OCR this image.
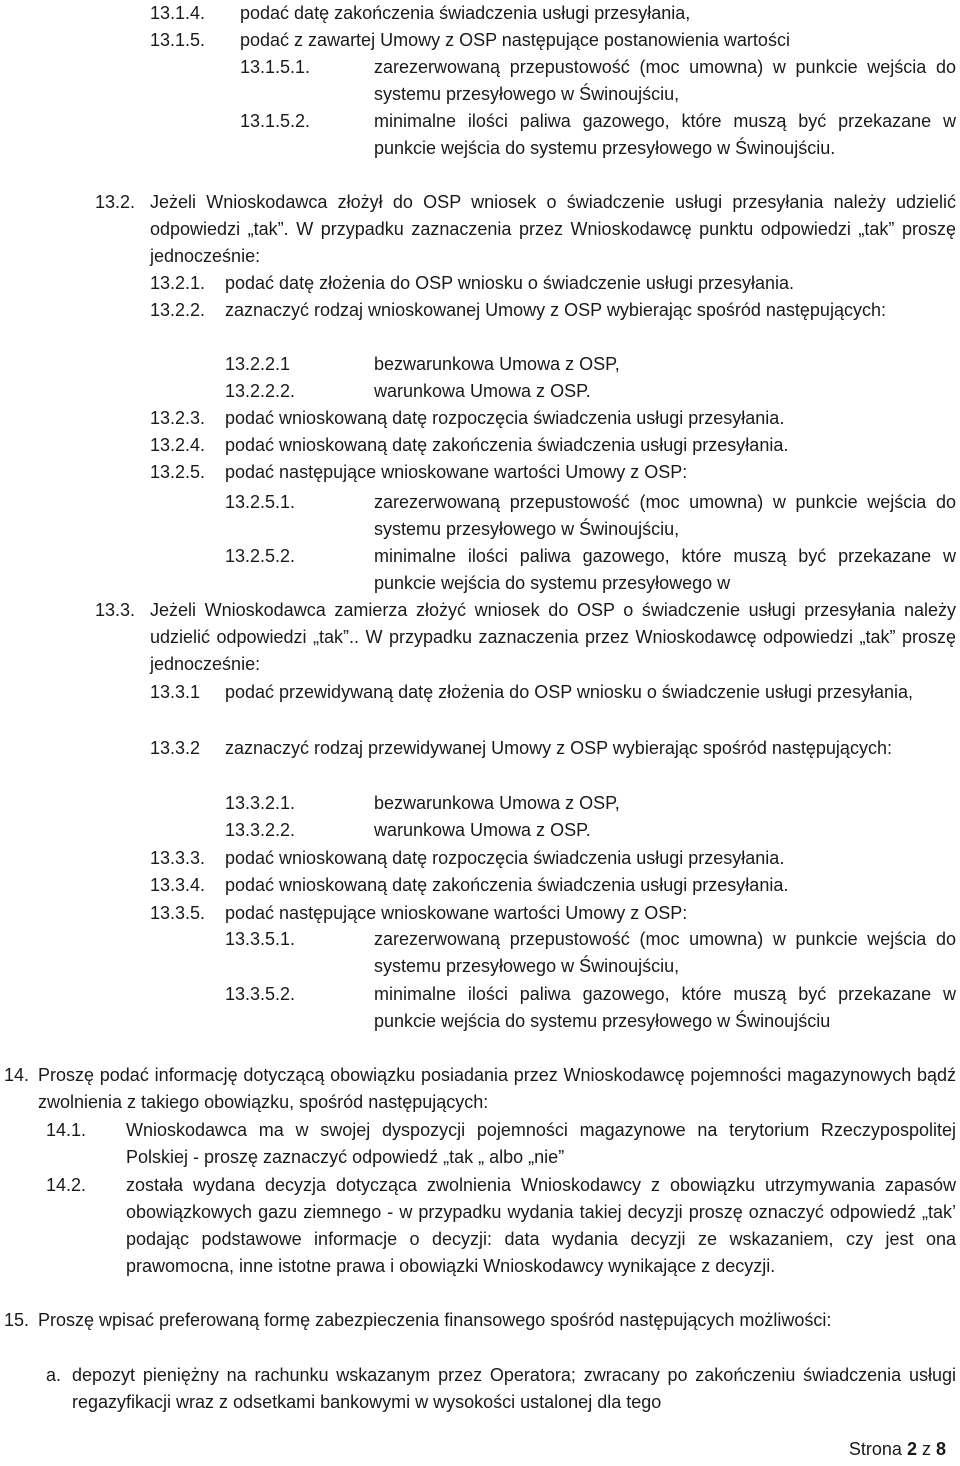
13.1.4.	podać datę zakończenia świadczenia usługi przesyłania,
13.1.5.	podać z zawartej Umowy z OSP następujące postanowienia wartości
13.1.5.1.	zarezerwowaną przepustowość (moc umowna) w punkcie wejścia do systemu przesyłowego w Świnoujściu,
13.1.5.2.	minimalne ilości paliwa gazowego, które muszą być przekazane w punkcie wejścia do systemu przesyłowego w Świnoujściu.
13.2. Jeżeli Wnioskodawca złożył do OSP wniosek o świadczenie usługi przesyłania należy udzielić odpowiedzi „tak”. W przypadku zaznaczenia przez Wnioskodawcę punktu odpowiedzi „tak” proszę jednocześnie:
13.2.1.	podać datę złożenia do OSP wniosku o świadczenie usługi przesyłania.
13.2.2.	zaznaczyć rodzaj wnioskowanej Umowy z OSP wybierając spośród następujących:
13.2.2.1	bezwarunkowa Umowa z OSP,
13.2.2.2.	warunkowa Umowa z OSP.
13.2.3.	podać wnioskowaną datę rozpoczęcia świadczenia usługi przesyłania.
13.2.4.	podać wnioskowaną datę zakończenia świadczenia usługi przesyłania.
13.2.5.	podać następujące wnioskowane wartości Umowy z OSP:
13.2.5.1.	zarezerwowaną przepustowość (moc umowna) w punkcie wejścia do systemu przesyłowego w Świnoujściu,
13.2.5.2.	minimalne ilości paliwa gazowego, które muszą być przekazane w punkcie wejścia do systemu przesyłowego w
13.3. Jeżeli Wnioskodawca zamierza złożyć wniosek do OSP o świadczenie usługi przesyłania należy udzielić odpowiedzi „tak”.. W przypadku zaznaczenia przez Wnioskodawcę odpowiedzi „tak” proszę jednocześnie:
13.3.1	podać przewidywaną datę złożenia do OSP wniosku o świadczenie usługi przesyłania,
13.3.2	zaznaczyć rodzaj przewidywanej Umowy z OSP wybierając spośród następujących:
13.3.2.1.	bezwarunkowa Umowa z OSP,
13.3.2.2.	warunkowa Umowa z OSP.
13.3.3.	podać wnioskowaną datę rozpoczęcia świadczenia usługi przesyłania.
13.3.4.	podać wnioskowaną datę zakończenia świadczenia usługi przesyłania.
13.3.5.	podać następujące wnioskowane wartości Umowy z OSP:
13.3.5.1.	zarezerwowaną przepustowość (moc umowna) w punkcie wejścia do systemu przesyłowego w Świnoujściu,
13.3.5.2.	minimalne ilości paliwa gazowego, które muszą być przekazane w punkcie wejścia do systemu przesyłowego w Świnoujściu
14. Proszę podać informację dotyczącą obowiązku posiadania przez Wnioskodawcę pojemności magazynowych bądź zwolnienia z takiego obowiązku, spośród następujących:
14.1.	Wnioskodawca ma w swojej dyspozycji pojemności magazynowe na terytorium Rzeczypospolitej Polskiej - proszę zaznaczyć odpowiedź „tak „ albo „nie”
14.2.	została wydana decyzja dotycząca zwolnienia Wnioskodawcy z obowiązku utrzymywania zapasów obowiązkowych gazu ziemnego - w przypadku wydania takiej decyzji proszę oznaczyć odpowiedź „tak’ podając podstawowe informacje o decyzji: data wydania decyzji ze wskazaniem, czy jest ona prawomocna, inne istotne prawa i obowiązki Wnioskodawcy wynikające z decyzji.
15. Proszę wpisać preferowaną formę zabezpieczenia finansowego spośród następujących możliwości:
a. depozyt pieniężny na rachunku wskazanym przez Operatora; zwracany po zakończeniu świadczenia usługi regazyfikacji wraz z odsetkami bankowymi w wysokości ustalonej dla tego
Strona 2 z 8
